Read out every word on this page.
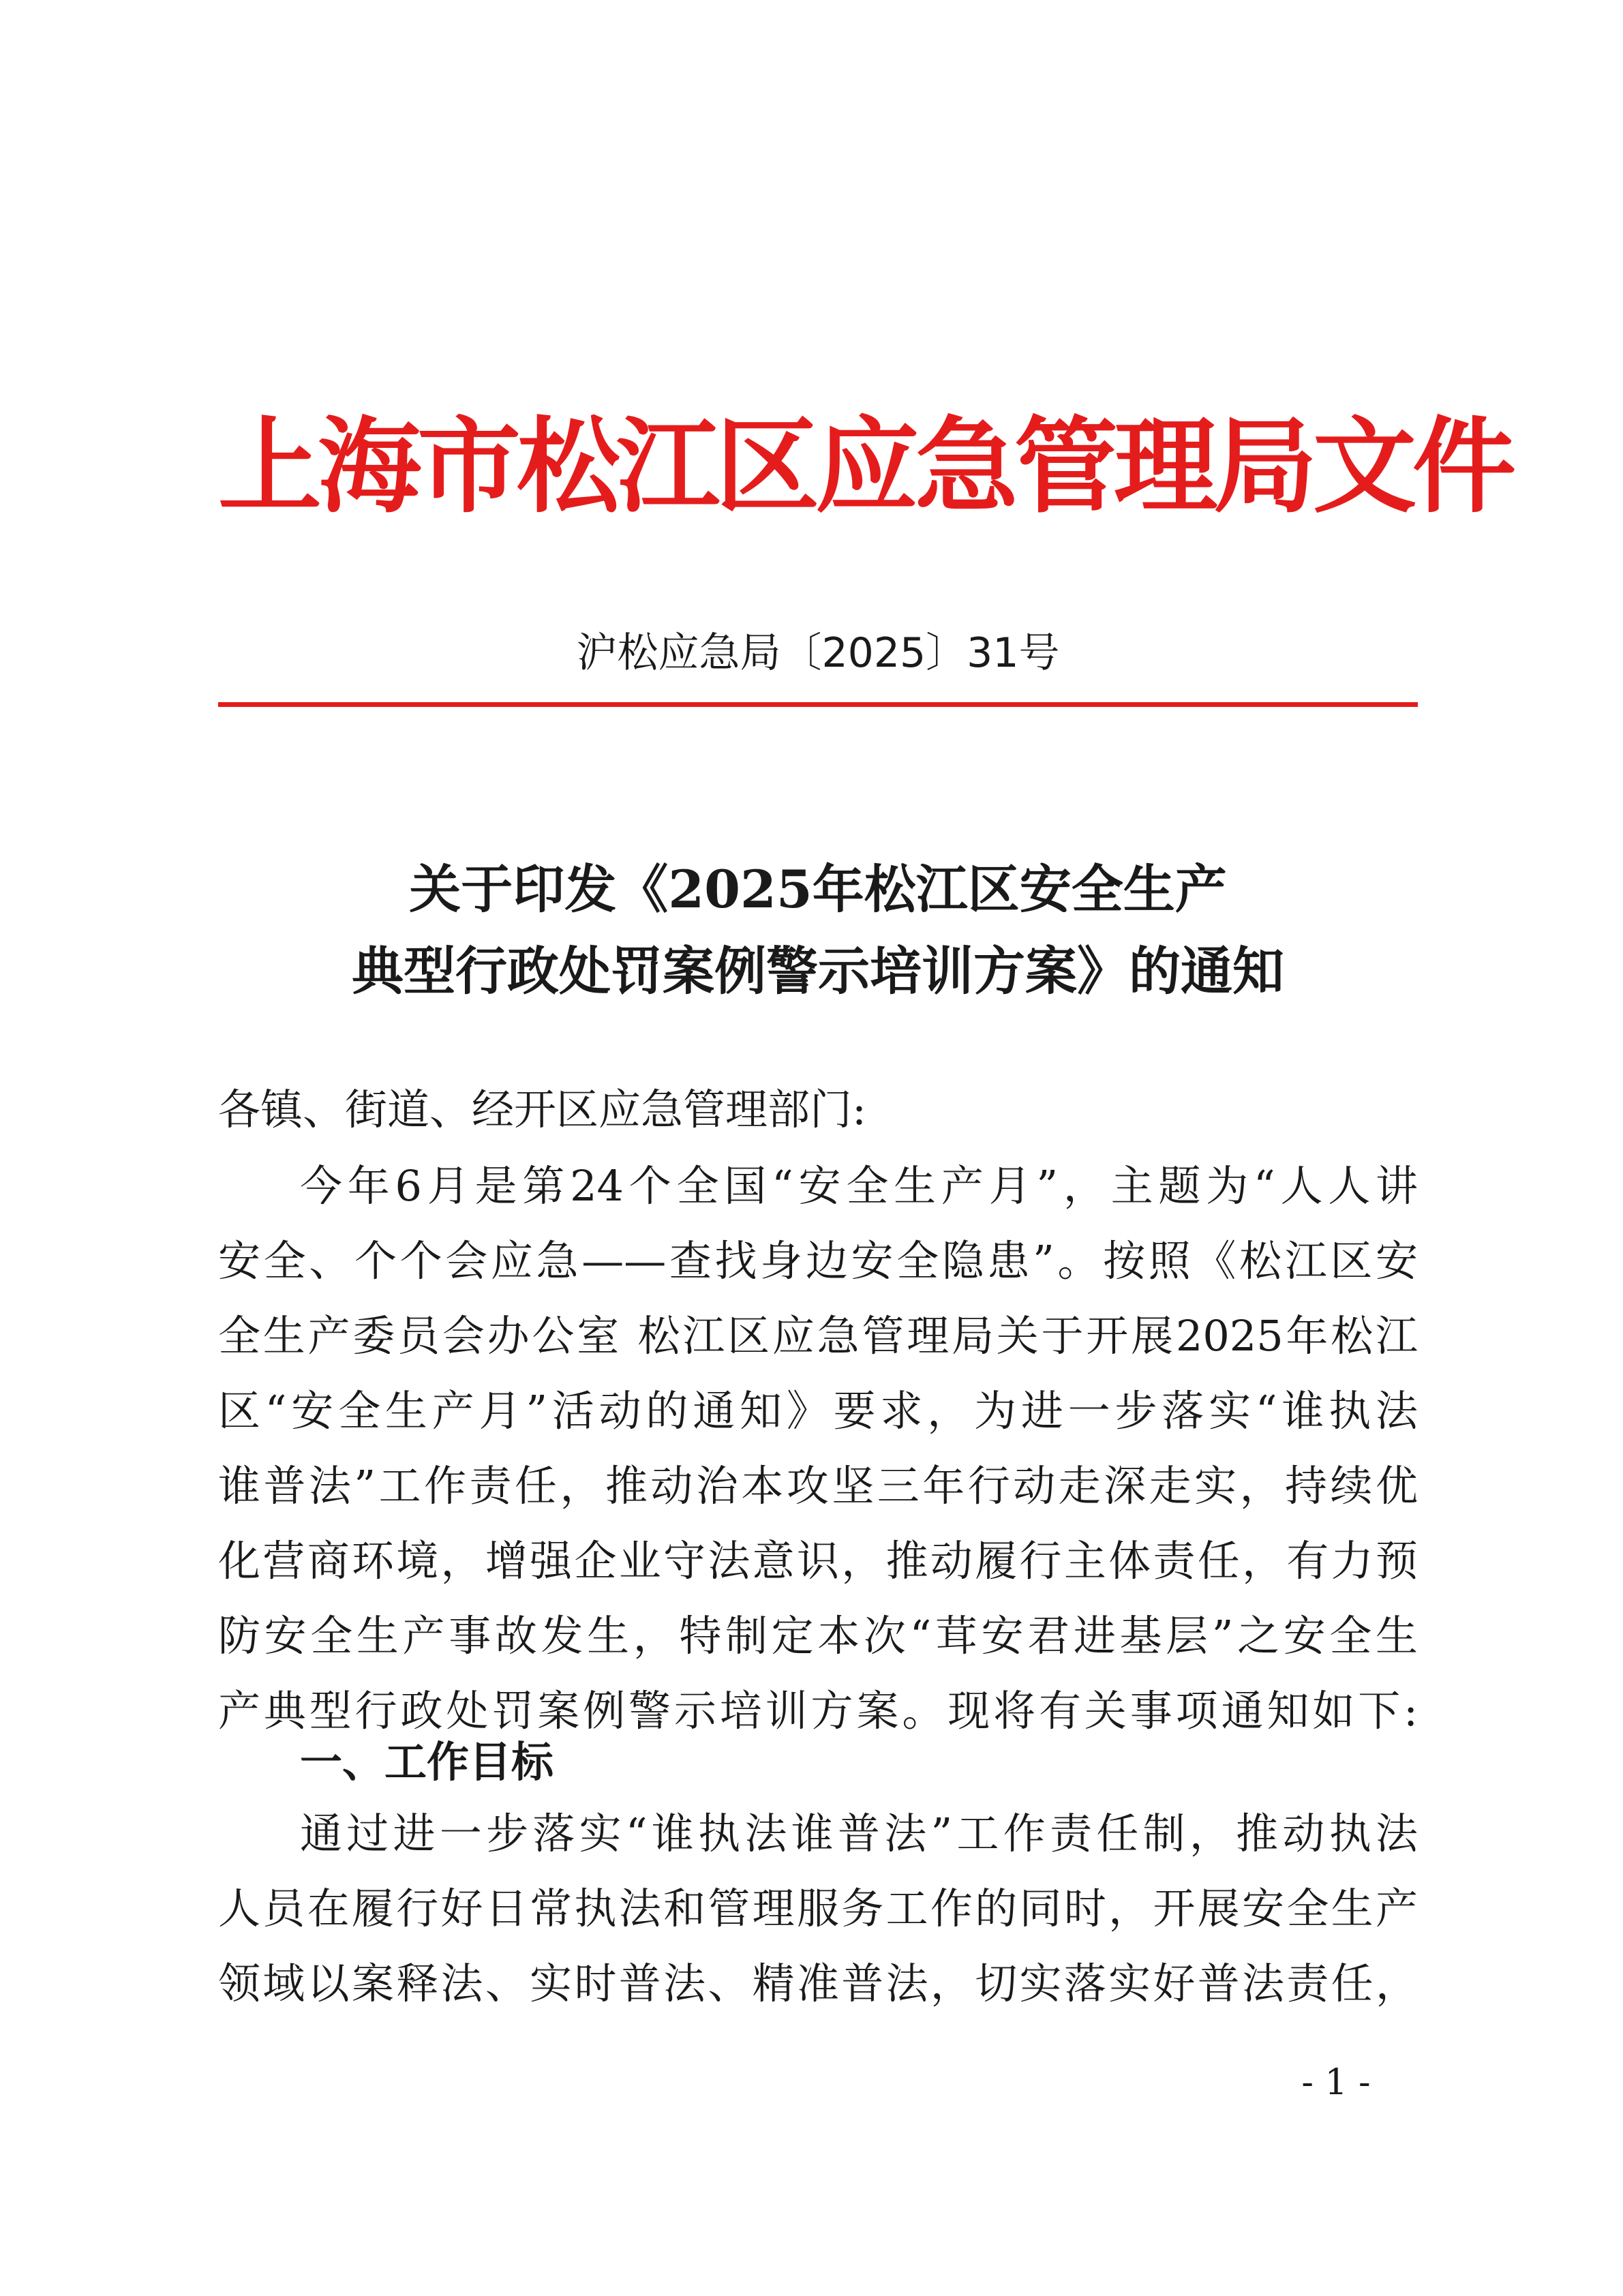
上海市松江区应急管理局文件
沪松应急局〔2025〕31号
关于印发《2025年松江区安全生产
典型行政处罚案例警示培训方案》的通知
各镇、街道、经开区应急管理部门:
今年6月是第24个全国“安全生产月”，主题为“人人讲
安全、个个会应急——查找身边安全隐患”。按照《松江区安
全生产委员会办公室 松江区应急管理局关于开展2025年松江
区“安全生产月”活动的通知》要求，为进一步落实“谁执法
谁普法”工作责任，推动治本攻坚三年行动走深走实，持续优
化营商环境，增强企业守法意识，推动履行主体责任，有力预
防安全生产事故发生，特制定本次“茸安君进基层”之安全生
产典型行政处罚案例警示培训方案。现将有关事项通知如下:
一、工作目标
通过进一步落实“谁执法谁普法”工作责任制，推动执法
人员在履行好日常执法和管理服务工作的同时，开展安全生产
领域以案释法、实时普法、精准普法，切实落实好普法责任，
- 1 -
